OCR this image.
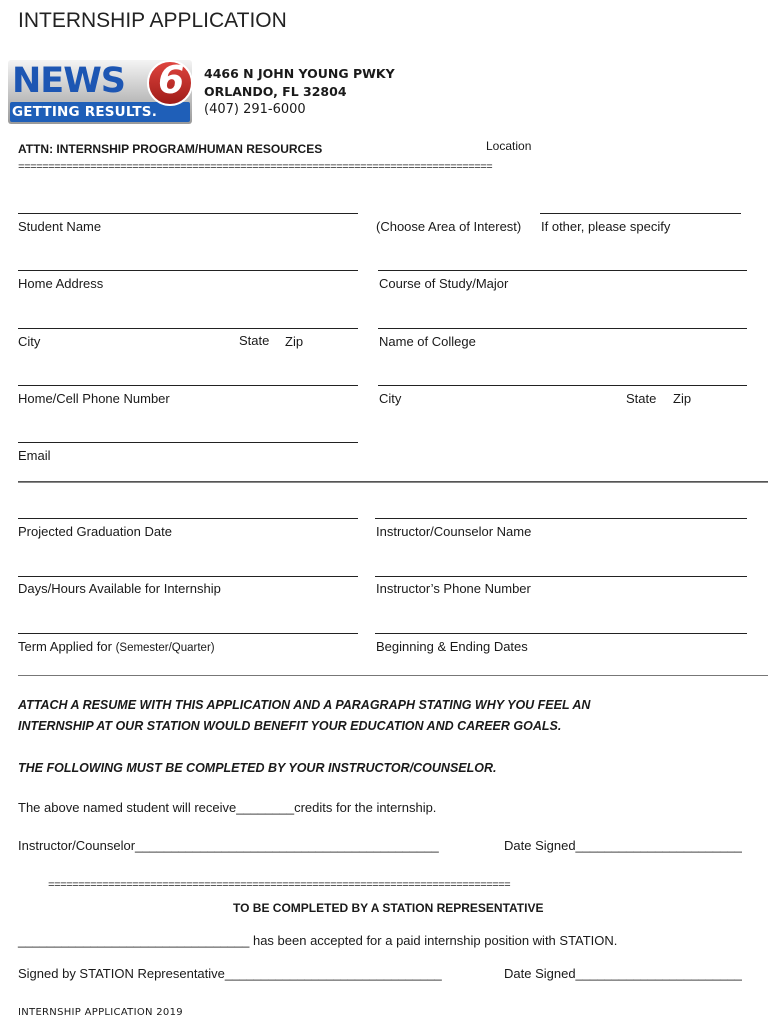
INTERNSHIP APPLICATION
NEWS 6
GETTING RESULTS.
4466 N JOHN YOUNG PWKY
ORLANDO, FL 32804
(407) 291-6000
ATTN: INTERNSHIP PROGRAM/HUMAN RESOURCES	Location
===============================================================================
Student Name	(Choose Area of Interest) If other, please specify
Home Address	Course of Study/Major
City	State Zip	Name of College
Home/Cell Phone Number	City	State Zip
Email
Projected Graduation Date	Instructor/Counselor Name
Days/Hours Available for Internship	Instructor’s Phone Number
Term Applied for (Semester/Quarter)	Beginning & Ending Dates
ATTACH A RESUME WITH THIS APPLICATION AND A PARAGRAPH STATING WHY YOU FEEL AN
INTERNSHIP AT OUR STATION WOULD BENEFIT YOUR EDUCATION AND CAREER GOALS.
THE FOLLOWING MUST BE COMPLETED BY YOUR INSTRUCTOR/COUNSELOR.
The above named student will receive________credits for the internship.
Instructor/Counselor__________________________________________	Date Signed_______________________
=============================================================================
TO BE COMPLETED BY A STATION REPRESENTATIVE
________________________________ has been accepted for a paid internship position with STATION.
Signed by STATION Representative______________________________	Date Signed_______________________
INTERNSHIP APPLICATION 2019
